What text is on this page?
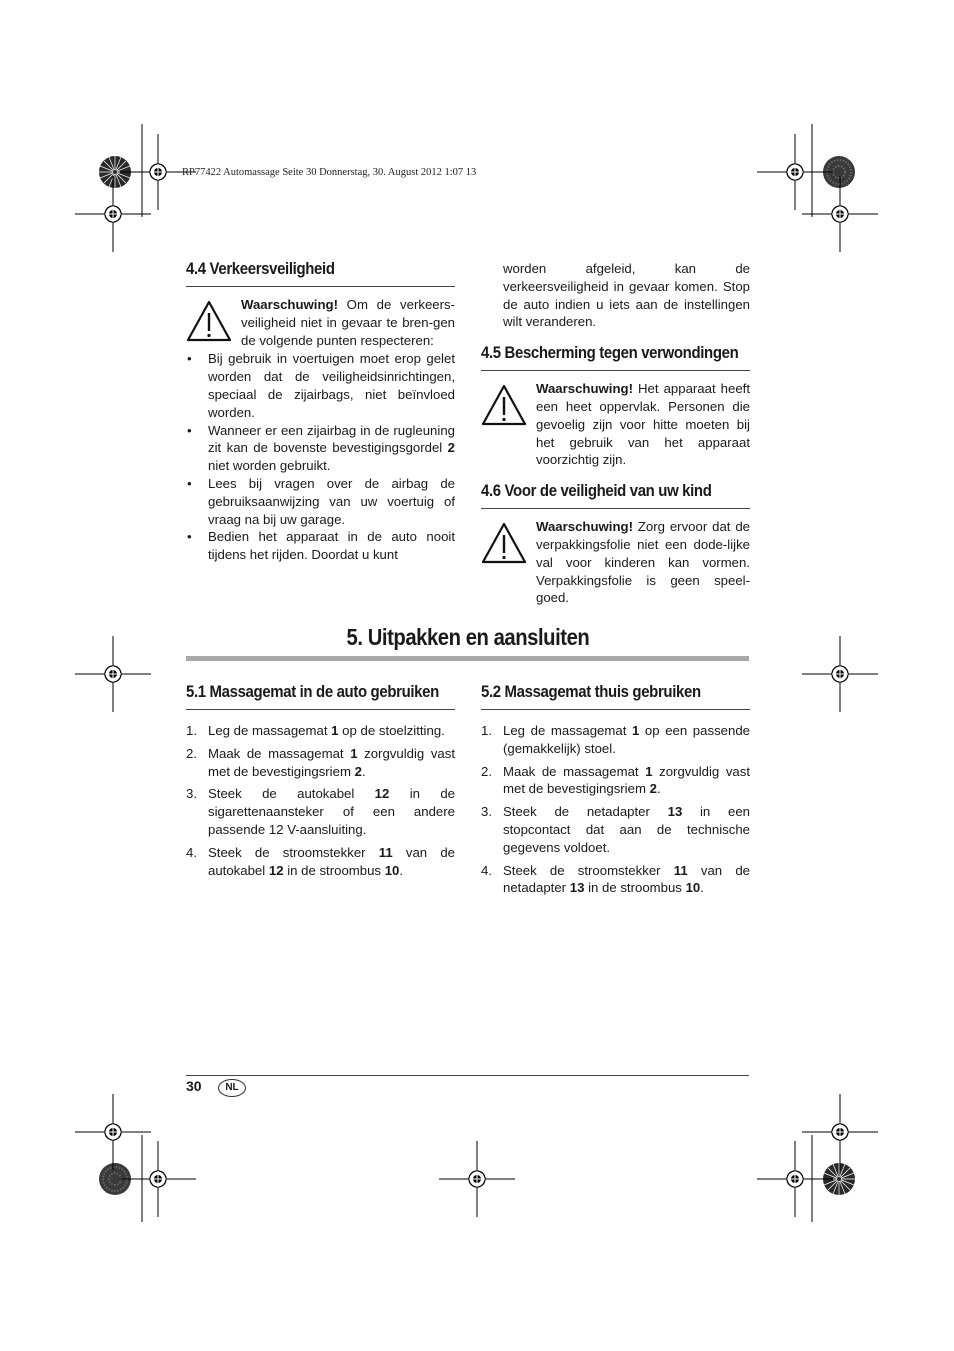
RP77422 Automassage Seite 30 Donnerstag, 30. August 2012 1:07 13
4.4 Verkeersveiligheid

Waarschuwing! Om de verkeers-veiligheid niet in gevaar te bren-gen de volgende punten respecteren:

• Bij gebruik in voertuigen moet erop gelet worden dat de veiligheidsinrichtingen, speciaal de zijairbags, niet beïnvloed worden.
• Wanneer er een zijairbag in de rugleuning zit kan de bovenste bevestigingsgordel 2 niet worden gebruikt.
• Lees bij vragen over de airbag de gebruiksaanwijzing van uw voertuig of vraag na bij uw garage.
• Bedien het apparaat in de auto nooit tijdens het rijden. Doordat u kunt

worden afgeleid, kan de verkeersveiligheid in gevaar komen. Stop de auto indien u iets aan de instellingen wilt veranderen.

4.5 Bescherming tegen verwondingen

Waarschuwing! Het apparaat heeft een heet oppervlak. Personen die gevoelig zijn voor hitte moeten bij het gebruik van het apparaat voorzichtig zijn.

4.6 Voor de veiligheid van uw kind

Waarschuwing! Zorg ervoor dat de verpakkingsfolie niet een dode-lijke val voor kinderen kan vormen. Verpakkingsfolie is geen speel-goed.

5. Uitpakken en aansluiten
5.1 Massagemat in de auto gebruiken
1. Leg de massagemat 1 op de stoelzitting.
2. Maak de massagemat 1 zorgvuldig vast met de bevestigingsriem 2.
3. Steek de autokabel 12 in de sigarettenaansteker of een andere passende 12 V-aansluiting.
4. Steek de stroomstekker 11 van de autokabel 12 in de stroombus 10.
5.2 Massagemat thuis gebruiken
1. Leg de massagemat 1 op een passende (gemakkelijk) stoel.
2. Maak de massagemat 1 zorgvuldig vast met de bevestigingsriem 2.
3. Steek de netadapter 13 in een stopcontact dat aan de technische gegevens voldoet.
4. Steek de stroomstekker 11 van de netadapter 13 in de stroombus 10.
30	NL
